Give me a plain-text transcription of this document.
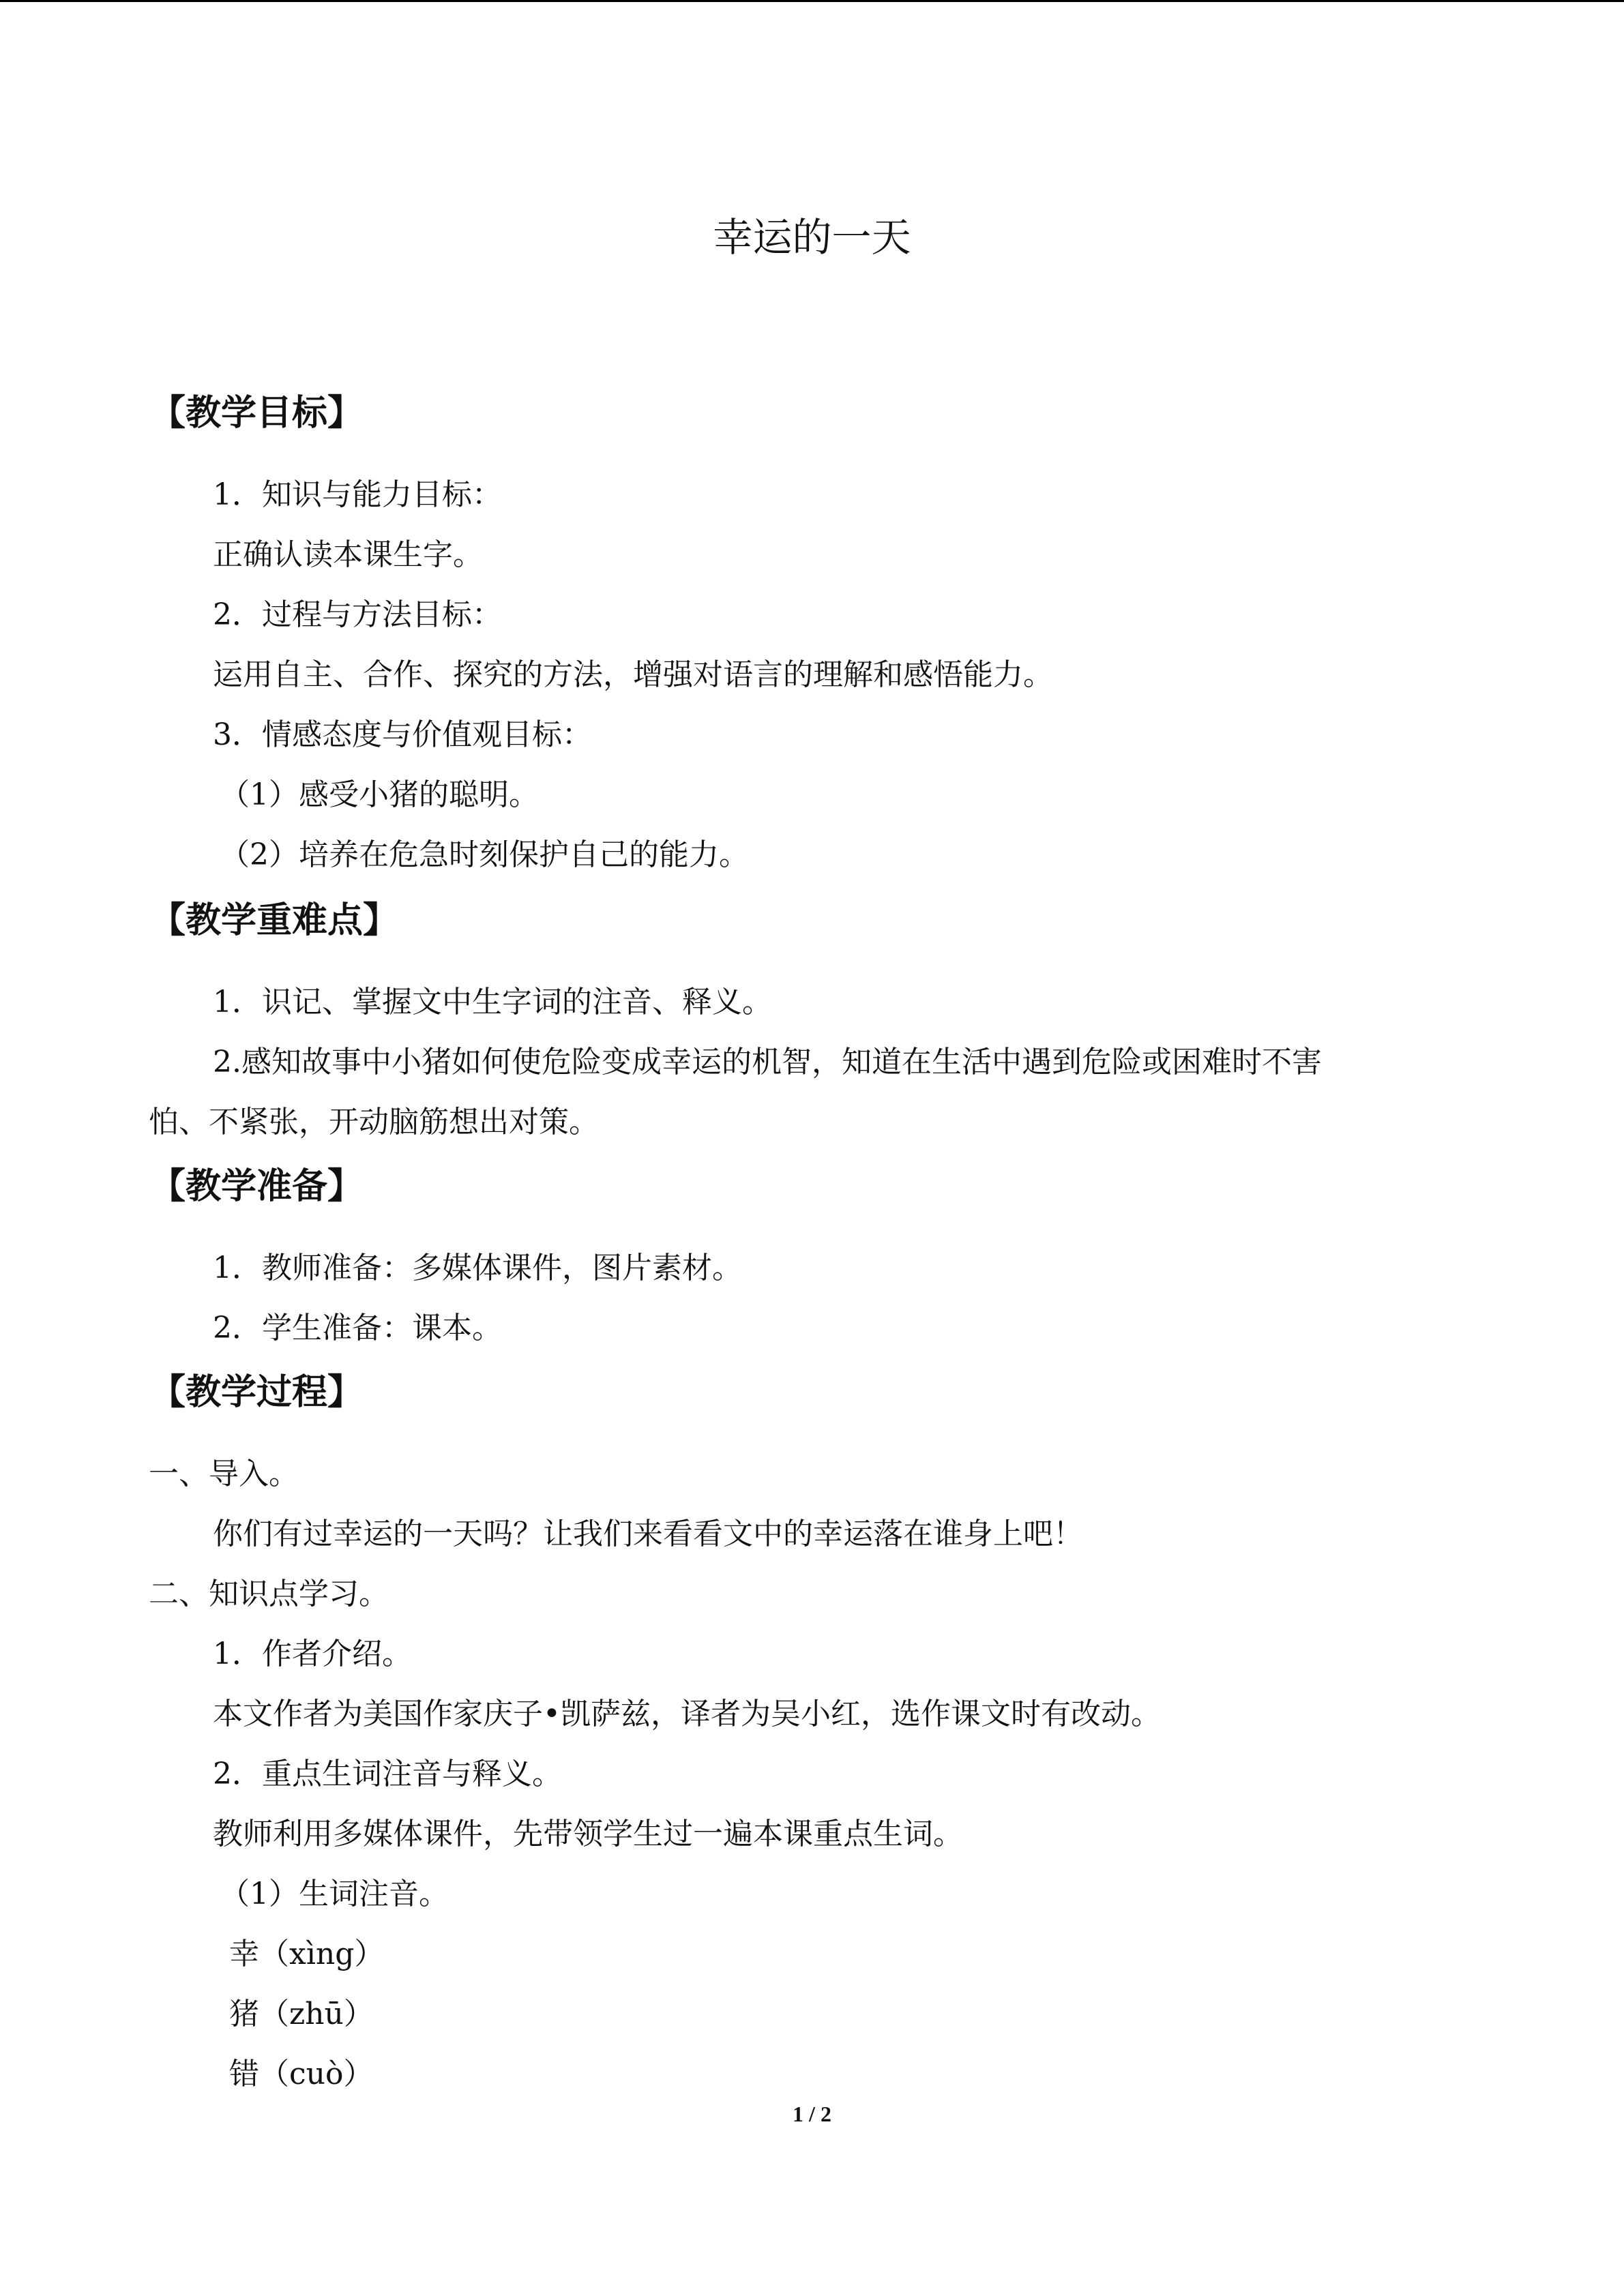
幸运的一天
【教学目标】
1．知识与能力目标：
正确认读本课生字。
2．过程与方法目标：
运用自主、合作、探究的方法，增强对语言的理解和感悟能力。
3．情感态度与价值观目标：
（1）感受小猪的聪明。
（2）培养在危急时刻保护自己的能力。
【教学重难点】
1．识记、掌握文中生字词的注音、释义。
2.感知故事中小猪如何使危险变成幸运的机智，知道在生活中遇到危险或困难时不害
怕、不紧张，开动脑筋想出对策。
【教学准备】
1．教师准备：多媒体课件，图片素材。
2．学生准备：课本。
【教学过程】
一、导入。
你们有过幸运的一天吗？让我们来看看文中的幸运落在谁身上吧！
二、知识点学习。
1．作者介绍。
本文作者为美国作家庆子•凯萨兹，译者为吴小红，选作课文时有改动。
2．重点生词注音与释义。
教师利用多媒体课件，先带领学生过一遍本课重点生词。
（1）生词注音。
幸（xìng）
猪（zhū）
错（cuò）
1 / 2
